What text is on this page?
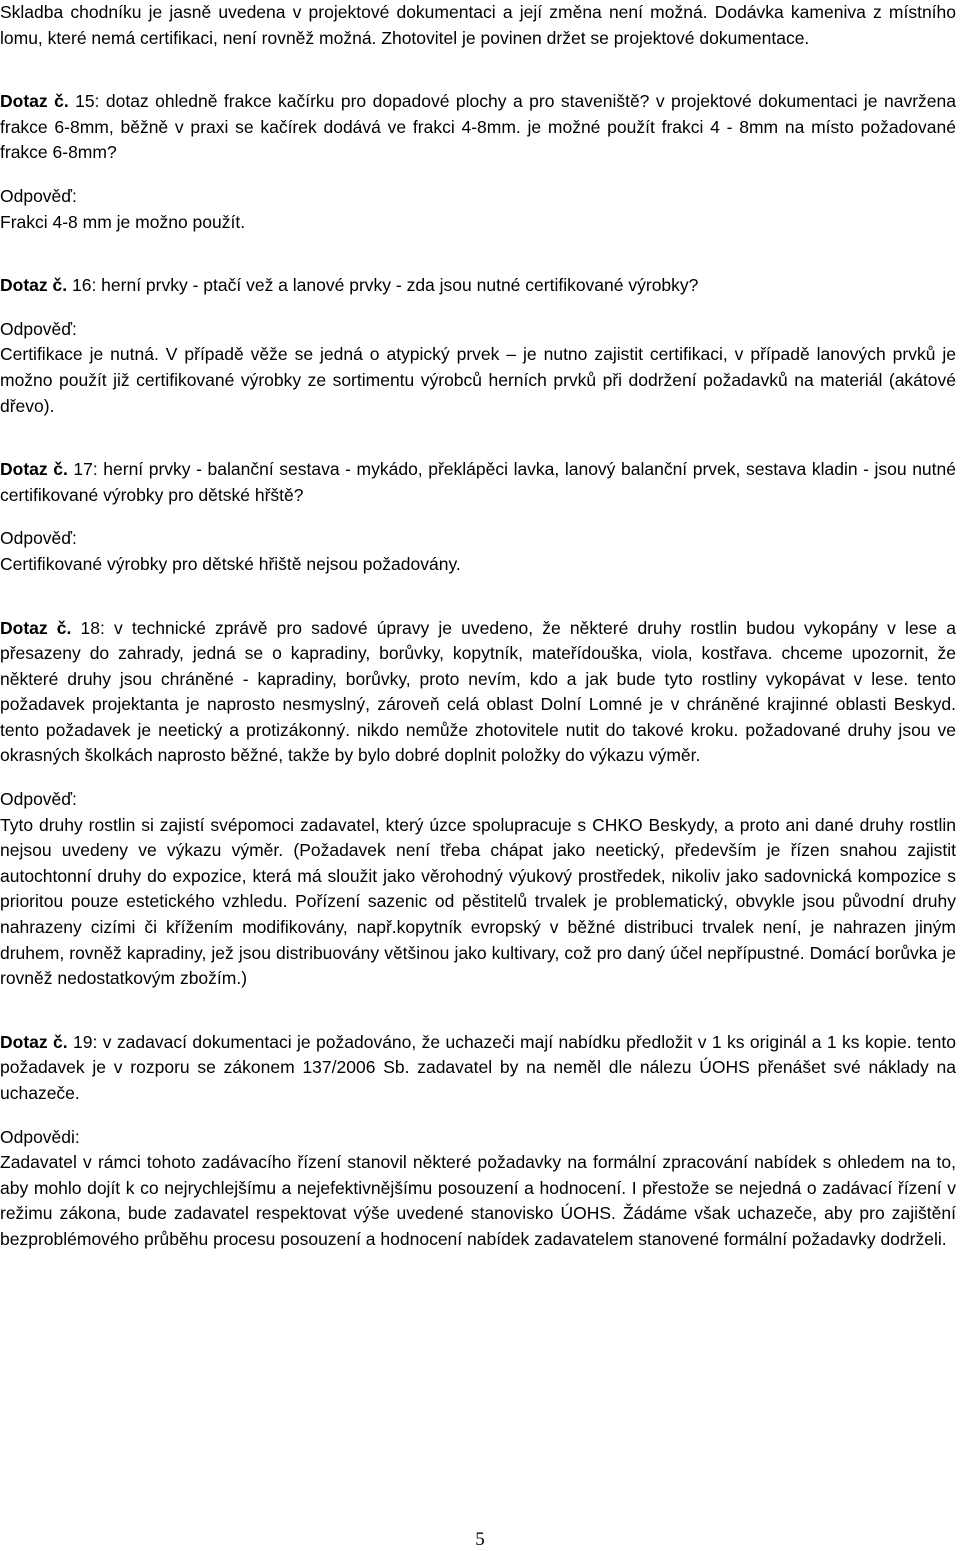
Skladba chodníku je jasně uvedena v projektové dokumentaci a její změna není možná. Dodávka kameniva z místního lomu, které nemá certifikaci, není rovněž možná. Zhotovitel je povinen držet se projektové dokumentace.

Dotaz č. 15: dotaz ohledně frakce kačírku pro dopadové plochy a pro staveniště? v projektové dokumentaci je navržena frakce 6-8mm, běžně v praxi se kačírek dodává ve frakci 4-8mm. je možné použít frakci 4 - 8mm na místo požadované frakce 6-8mm?

Odpověď:

Frakci 4-8 mm je možno použít.

Dotaz č. 16: herní prvky - ptačí vež a lanové prvky - zda jsou nutné certifikované výrobky?

Odpověď:

Certifikace je nutná. V případě věže se jedná o atypický prvek – je nutno zajistit certifikaci, v případě lanových prvků je možno použít již certifikované výrobky ze sortimentu výrobců herních prvků při dodržení požadavků na materiál (akátové dřevo).

Dotaz č. 17: herní prvky - balanční sestava - mykádo, překlápěci lavka, lanový balanční prvek, sestava kladin - jsou nutné certifikované výrobky pro dětské hřště?

Odpověď:

Certifikované výrobky pro dětské hřiště nejsou požadovány.

Dotaz č. 18: v technické zprávě pro sadové úpravy je uvedeno, že některé druhy rostlin budou vykopány v lese a přesazeny do zahrady, jedná se o kapradiny, borůvky, kopytník, mateřídouška, viola, kostřava. chceme upozornit, že některé druhy jsou chráněné - kapradiny, borůvky, proto nevím, kdo a jak bude tyto rostliny vykopávat v lese. tento požadavek projektanta je naprosto nesmyslný, zároveň celá oblast Dolní Lomné je v chráněné krajinné oblasti Beskyd. tento požadavek je neetický a protizákonný. nikdo nemůže zhotovitele nutit do takové kroku. požadované druhy jsou ve okrasných školkách naprosto běžné, takže by bylo dobré doplnit položky do výkazu výměr.

Odpověď:

Tyto druhy rostlin si zajistí svépomoci zadavatel, který úzce spolupracuje s CHKO Beskydy, a proto ani dané druhy rostlin nejsou uvedeny ve výkazu výměr. (Požadavek není třeba chápat jako neetický, především je řízen snahou zajistit autochtonní druhy do expozice, která má sloužit jako věrohodný výukový prostředek, nikoliv jako sadovnická kompozice s prioritou pouze estetického vzhledu. Pořízení sazenic od pěstitelů trvalek je problematický, obvykle jsou původní druhy nahrazeny cizími či křížením modifikovány, např.kopytník evropský v běžné distribuci trvalek není, je nahrazen jiným druhem, rovněž kapradiny, jež jsou distribuovány většinou jako kultivary, což pro daný účel nepřípustné. Domácí borůvka je rovněž nedostatkovým zbožím.)

Dotaz č. 19: v zadavací dokumentaci je požadováno, že uchazeči mají nabídku předložit v 1 ks originál a 1 ks kopie. tento požadavek je v rozporu se zákonem 137/2006 Sb. zadavatel by na neměl dle nálezu ÚOHS přenášet své náklady na uchazeče.

Odpovědi:

Zadavatel v rámci tohoto zadávacího řízení stanovil některé požadavky na formální zpracování nabídek s ohledem na to, aby mohlo dojít k co nejrychlejšímu a nejefektivnějšímu posouzení a hodnocení. I přestože se nejedná o zadávací řízení v režimu zákona, bude zadavatel respektovat výše uvedené stanovisko ÚOHS. Žádáme však uchazeče, aby pro zajištění bezproblémového průběhu procesu posouzení a hodnocení nabídek zadavatelem stanovené formální požadavky dodrželi.

5
